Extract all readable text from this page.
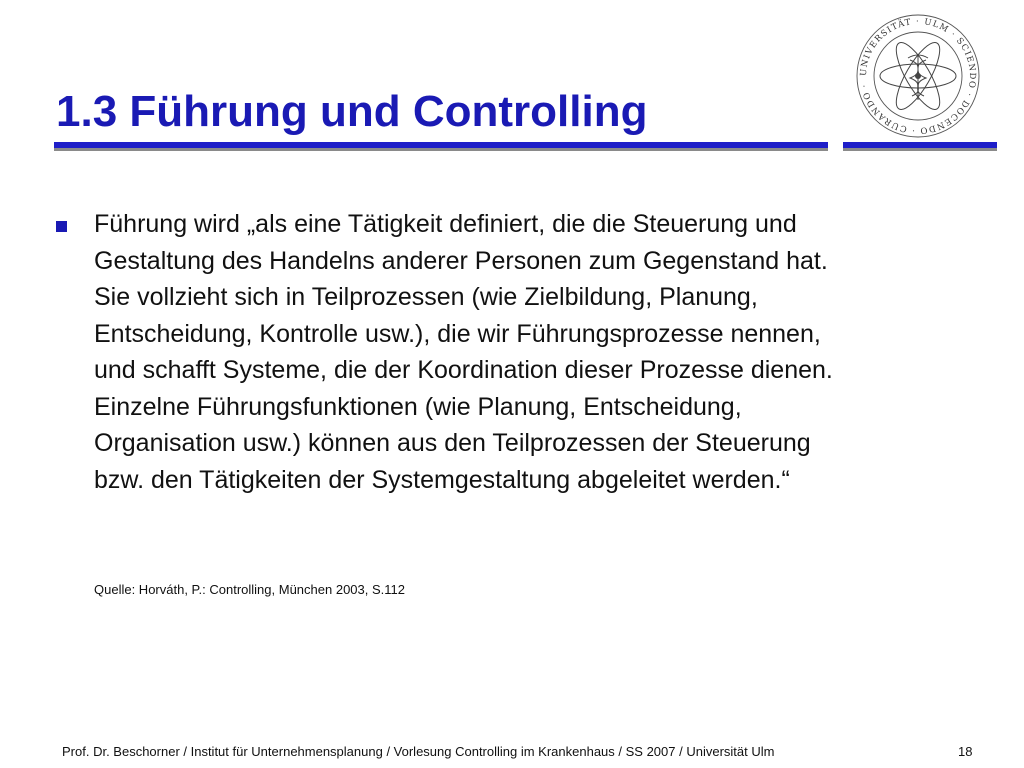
1.3 Führung und Controlling
UNIVERSITÄT · ULM · SCIENDO · DOCENDO · CURANDO ·

Führung wird „als eine Tätigkeit definiert, die die Steuerung und
Gestaltung des Handelns anderer Personen zum Gegenstand hat.
Sie vollzieht sich in Teilprozessen (wie Zielbildung, Planung,
Entscheidung, Kontrolle usw.), die wir Führungsprozesse nennen,
und schafft Systeme, die der Koordination dieser Prozesse dienen.
Einzelne Führungsfunktionen (wie Planung, Entscheidung,
Organisation usw.) können aus den Teilprozessen der Steuerung
bzw. den Tätigkeiten der Systemgestaltung abgeleitet werden.“

Quelle: Horváth, P.: Controlling, München 2003, S.112
Prof. Dr. Beschorner / Institut für Unternehmensplanung / Vorlesung Controlling im Krankenhaus / SS 2007 / Universität Ulm	18
